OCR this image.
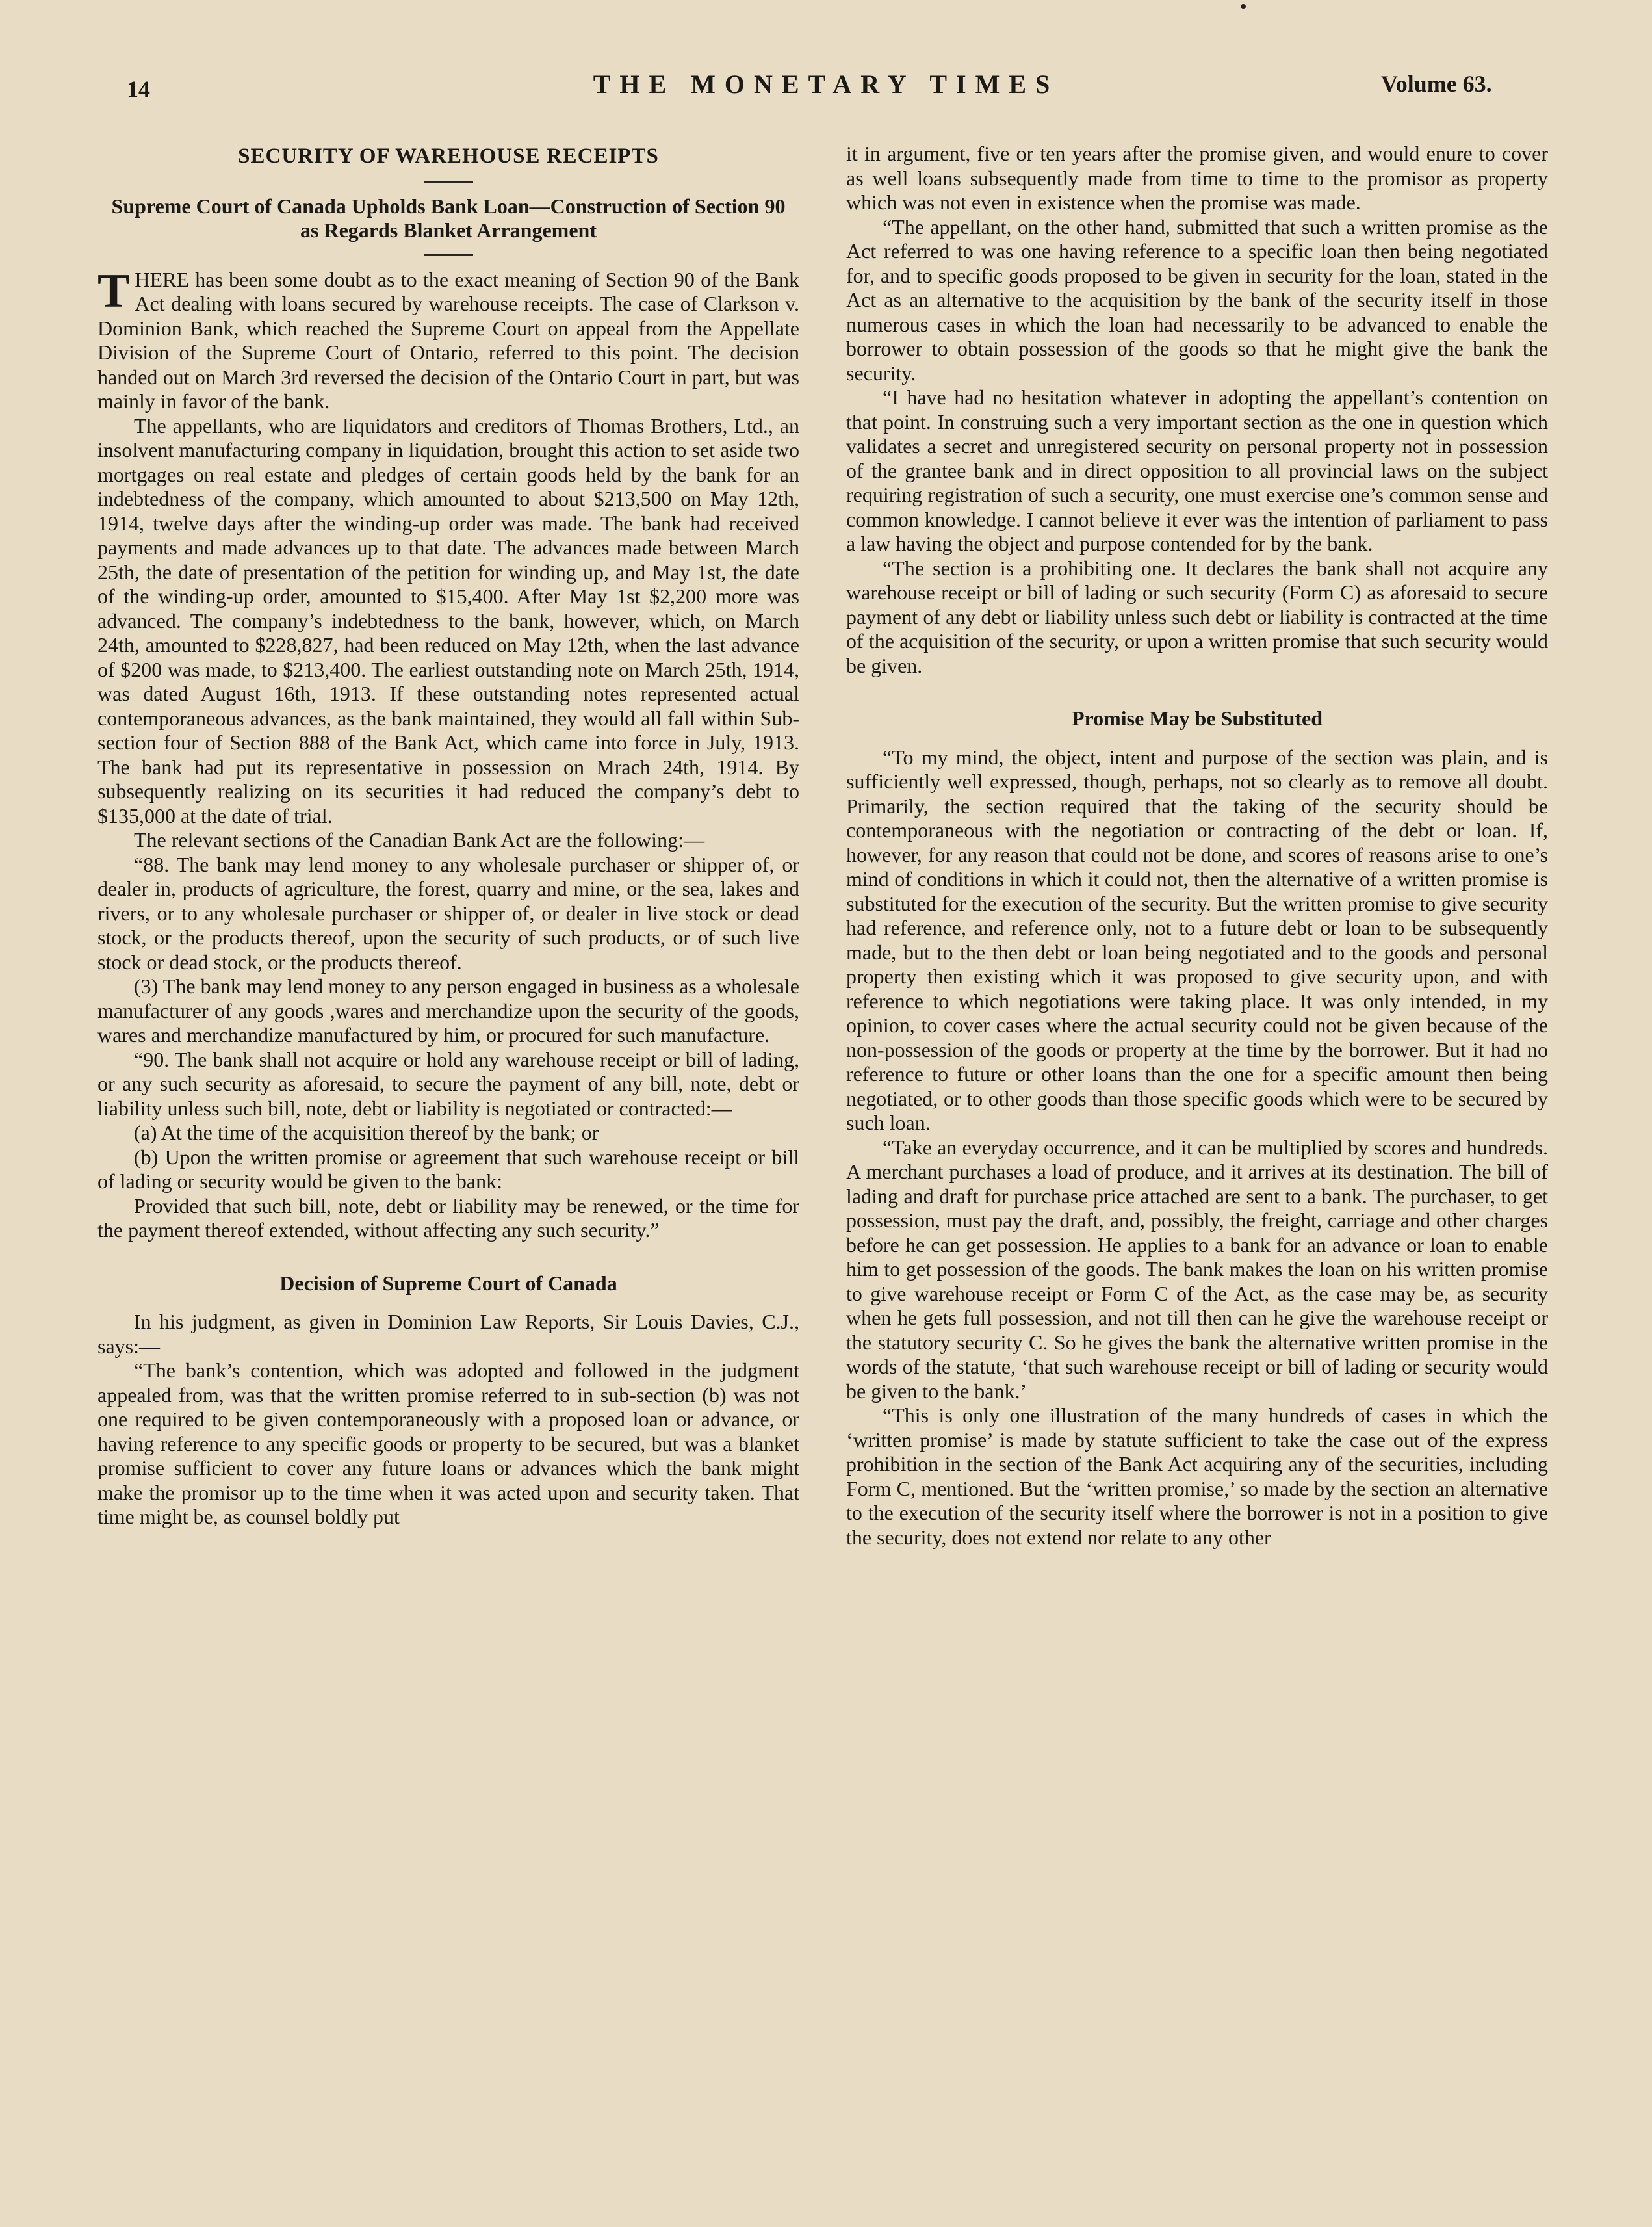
14	THE MONETARY TIMES	Volume 63.
SECURITY OF WAREHOUSE RECEIPTS
Supreme Court of Canada Upholds Bank Loan—Construction of Section 90 as Regards Blanket Arrangement

THERE has been some doubt as to the exact meaning of Section 90 of the Bank Act dealing with loans secured by warehouse receipts. The case of Clarkson v. Dominion Bank, which reached the Supreme Court on appeal from the Appellate Division of the Supreme Court of Ontario, referred to this point. The decision handed out on March 3rd reversed the decision of the Ontario Court in part, but was mainly in favor of the bank.

The appellants, who are liquidators and creditors of Thomas Brothers, Ltd., an insolvent manufacturing company in liquidation, brought this action to set aside two mortgages on real estate and pledges of certain goods held by the bank for an indebtedness of the company, which amounted to about $213,500 on May 12th, 1914, twelve days after the winding-up order was made. The bank had received payments and made advances up to that date. The advances made between March 25th, the date of presentation of the petition for winding up, and May 1st, the date of the winding-up order, amounted to $15,400. After May 1st $2,200 more was advanced. The company’s indebtedness to the bank, however, which, on March 24th, amounted to $228,827, had been reduced on May 12th, when the last advance of $200 was made, to $213,400. The earliest outstanding note on March 25th, 1914, was dated August 16th, 1913. If these outstanding notes represented actual contemporaneous advances, as the bank maintained, they would all fall within Sub-section four of Section 888 of the Bank Act, which came into force in July, 1913. The bank had put its representative in possession on Mrach 24th, 1914. By subsequently realizing on its securities it had reduced the company’s debt to $135,000 at the date of trial.

The relevant sections of the Canadian Bank Act are the following:—

“88. The bank may lend money to any wholesale purchaser or shipper of, or dealer in, products of agriculture, the forest, quarry and mine, or the sea, lakes and rivers, or to any wholesale purchaser or shipper of, or dealer in live stock or dead stock, or the products thereof, upon the security of such products, or of such live stock or dead stock, or the products thereof.

(3) The bank may lend money to any person engaged in business as a wholesale manufacturer of any goods ,wares and merchandize upon the security of the goods, wares and merchandize manufactured by him, or procured for such manufacture.

“90. The bank shall not acquire or hold any warehouse receipt or bill of lading, or any such security as aforesaid, to secure the payment of any bill, note, debt or liability unless such bill, note, debt or liability is negotiated or contracted:—

(a) At the time of the acquisition thereof by the bank; or

(b) Upon the written promise or agreement that such warehouse receipt or bill of lading or security would be given to the bank:

Provided that such bill, note, debt or liability may be renewed, or the time for the payment thereof extended, without affecting any such security.”

Decision of Supreme Court of Canada

In his judgment, as given in Dominion Law Reports, Sir Louis Davies, C.J., says:—

“The bank’s contention, which was adopted and followed in the judgment appealed from, was that the written promise referred to in sub-section (b) was not one required to be given contemporaneously with a proposed loan or advance, or having reference to any specific goods or property to be secured, but was a blanket promise sufficient to cover any future loans or advances which the bank might make the promisor up to the time when it was acted upon and security taken. That time might be, as counsel boldly put

it in argument, five or ten years after the promise given, and would enure to cover as well loans subsequently made from time to time to the promisor as property which was not even in existence when the promise was made.

“The appellant, on the other hand, submitted that such a written promise as the Act referred to was one having reference to a specific loan then being negotiated for, and to specific goods proposed to be given in security for the loan, stated in the Act as an alternative to the acquisition by the bank of the security itself in those numerous cases in which the loan had necessarily to be advanced to enable the borrower to obtain possession of the goods so that he might give the bank the security.

“I have had no hesitation whatever in adopting the appellant’s contention on that point. In construing such a very important section as the one in question which validates a secret and unregistered security on personal property not in possession of the grantee bank and in direct opposition to all provincial laws on the subject requiring registration of such a security, one must exercise one’s common sense and common knowledge. I cannot believe it ever was the intention of parliament to pass a law having the object and purpose contended for by the bank.

“The section is a prohibiting one. It declares the bank shall not acquire any warehouse receipt or bill of lading or such security (Form C) as aforesaid to secure payment of any debt or liability unless such debt or liability is contracted at the time of the acquisition of the security, or upon a written promise that such security would be given.

Promise May be Substituted

“To my mind, the object, intent and purpose of the section was plain, and is sufficiently well expressed, though, perhaps, not so clearly as to remove all doubt. Primarily, the section required that the taking of the security should be contemporaneous with the negotiation or contracting of the debt or loan. If, however, for any reason that could not be done, and scores of reasons arise to one’s mind of conditions in which it could not, then the alternative of a written promise is substituted for the execution of the security. But the written promise to give security had reference, and reference only, not to a future debt or loan to be subsequently made, but to the then debt or loan being negotiated and to the goods and personal property then existing which it was proposed to give security upon, and with reference to which negotiations were taking place. It was only intended, in my opinion, to cover cases where the actual security could not be given because of the non-possession of the goods or property at the time by the borrower. But it had no reference to future or other loans than the one for a specific amount then being negotiated, or to other goods than those specific goods which were to be secured by such loan.

“Take an everyday occurrence, and it can be multiplied by scores and hundreds. A merchant purchases a load of produce, and it arrives at its destination. The bill of lading and draft for purchase price attached are sent to a bank. The purchaser, to get possession, must pay the draft, and, possibly, the freight, carriage and other charges before he can get possession. He applies to a bank for an advance or loan to enable him to get possession of the goods. The bank makes the loan on his written promise to give warehouse receipt or Form C of the Act, as the case may be, as security when he gets full possession, and not till then can he give the warehouse receipt or the statutory security C. So he gives the bank the alternative written promise in the words of the statute, ‘that such warehouse receipt or bill of lading or security would be given to the bank.’

“This is only one illustration of the many hundreds of cases in which the ‘written promise’ is made by statute sufficient to take the case out of the express prohibition in the section of the Bank Act acquiring any of the securities, including Form C, mentioned. But the ‘written promise,’ so made by the section an alternative to the execution of the security itself where the borrower is not in a position to give the security, does not extend nor relate to any other
